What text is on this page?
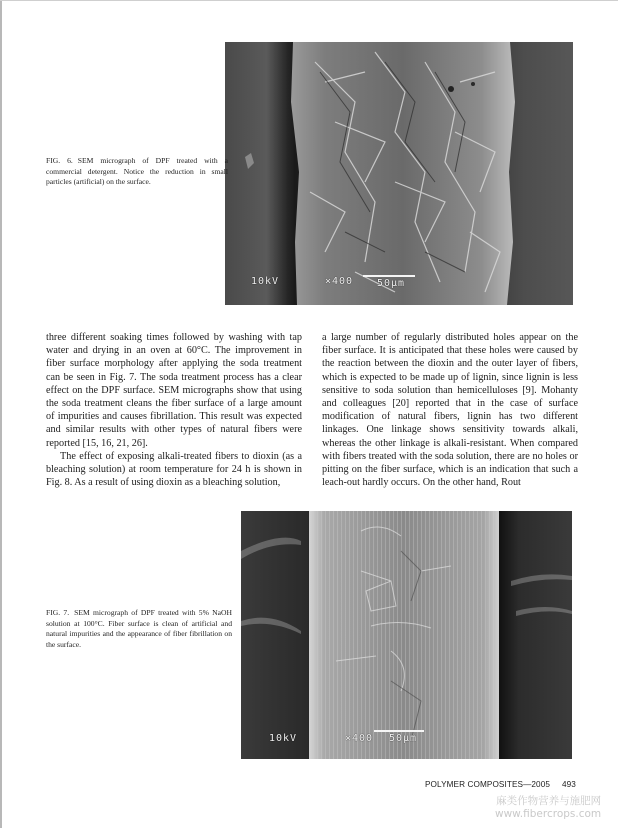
10kV	×400 50µm
FIG. 6. SEM micrograph of DPF treated with a commercial detergent. Notice the reduction in small particles (artificial) on the surface.

three different soaking times followed by washing with tap water and drying in an oven at 60°C. The improvement in fiber surface morphology after applying the soda treatment can be seen in Fig. 7. The soda treatment process has a clear effect on the DPF surface. SEM micrographs show that using the soda treatment cleans the fiber surface of a large amount of impurities and causes fibrillation. This result was expected and similar results with other types of natural fibers were reported [15, 16, 21, 26].

The effect of exposing alkali-treated fibers to dioxin (as a bleaching solution) at room temperature for 24 h is shown in Fig. 8. As a result of using dioxin as a bleaching solution,

a large number of regularly distributed holes appear on the fiber surface. It is anticipated that these holes were caused by the reaction between the dioxin and the outer layer of fibers, which is expected to be made up of lignin, since lignin is less sensitive to soda solution than hemicelluloses [9]. Mohanty and colleagues [20] reported that in the case of surface modification of natural fibers, lignin has two different linkages. One linkage shows sensitivity towards alkali, whereas the other linkage is alkali-resistant. When compared with fibers treated with the soda solution, there are no holes or pitting on the fiber surface, which is an indication that such a leach-out hardly occurs. On the other hand, Rout

10kV	×400 50µm
FIG. 7. SEM micrograph of DPF treated with 5% NaOH solution at 100°C. Fiber surface is clean of artificial and natural impurities and the appearance of fiber fibrillation on the surface.
POLYMER COMPOSITES—2005 493
麻类作物营养与施肥网
www.fibercrops.com
